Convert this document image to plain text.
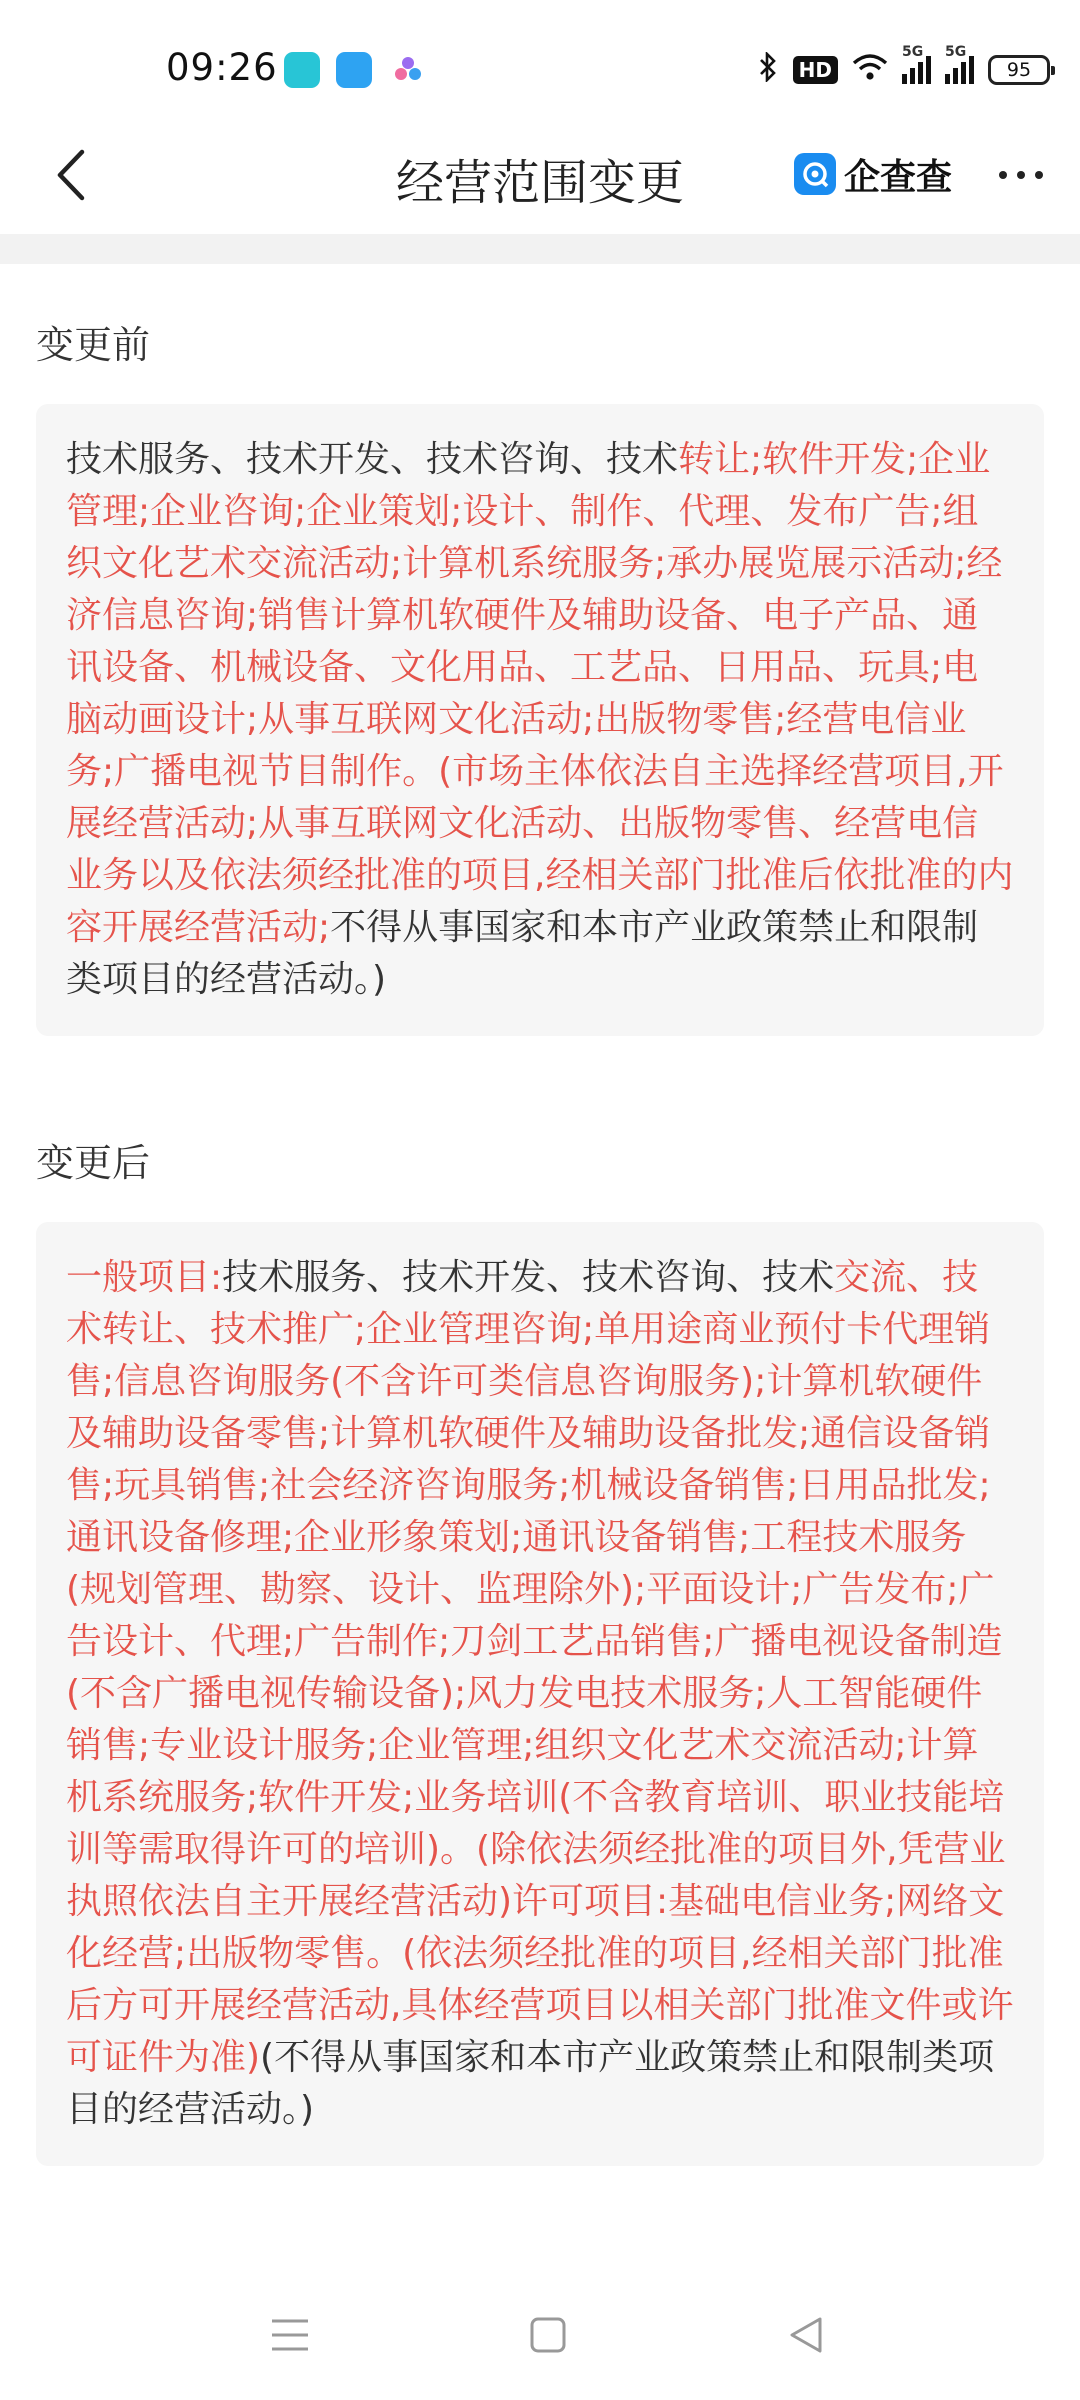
09:26	HD
5G 5G
95
经营范围变更	企查查
变更前
技术服务、技术开发、技术咨询、技术转让;软件开发;企业管理;企业咨询;企业策划;设计、制作、代理、发布广告;组织文化艺术交流活动;计算机系统服务;承办展览展示活动;经济信息咨询;销售计算机软硬件及辅助设备、电子产品、通讯设备、机械设备、文化用品、工艺品、日用品、玩具;电脑动画设计;从事互联网文化活动;出版物零售;经营电信业务;广播电视节目制作。(市场主体依法自主选择经营项目,开展经营活动;从事互联网文化活动、出版物零售、经营电信业务以及依法须经批准的项目,经相关部门批准后依批准的内容开展经营活动;不得从事国家和本市产业政策禁止和限制类项目的经营活动。)
变更后
一般项目:技术服务、技术开发、技术咨询、技术交流、技术转让、技术推广;企业管理咨询;单用途商业预付卡代理销售;信息咨询服务(不含许可类信息咨询服务);计算机软硬件及辅助设备零售;计算机软硬件及辅助设备批发;通信设备销售;玩具销售;社会经济咨询服务;机械设备销售;日用品批发;通讯设备修理;企业形象策划;通讯设备销售;工程技术服务(规划管理、勘察、设计、监理除外);平面设计;广告发布;广告设计、代理;广告制作;刀剑工艺品销售;广播电视设备制造(不含广播电视传输设备);风力发电技术服务;人工智能硬件销售;专业设计服务;企业管理;组织文化艺术交流活动;计算机系统服务;软件开发;业务培训(不含教育培训、职业技能培训等需取得许可的培训)。(除依法须经批准的项目外,凭营业执照依法自主开展经营活动)许可项目:基础电信业务;网络文化经营;出版物零售。(依法须经批准的项目,经相关部门批准后方可开展经营活动,具体经营项目以相关部门批准文件或许可证件为准)(不得从事国家和本市产业政策禁止和限制类项目的经营活动。)
